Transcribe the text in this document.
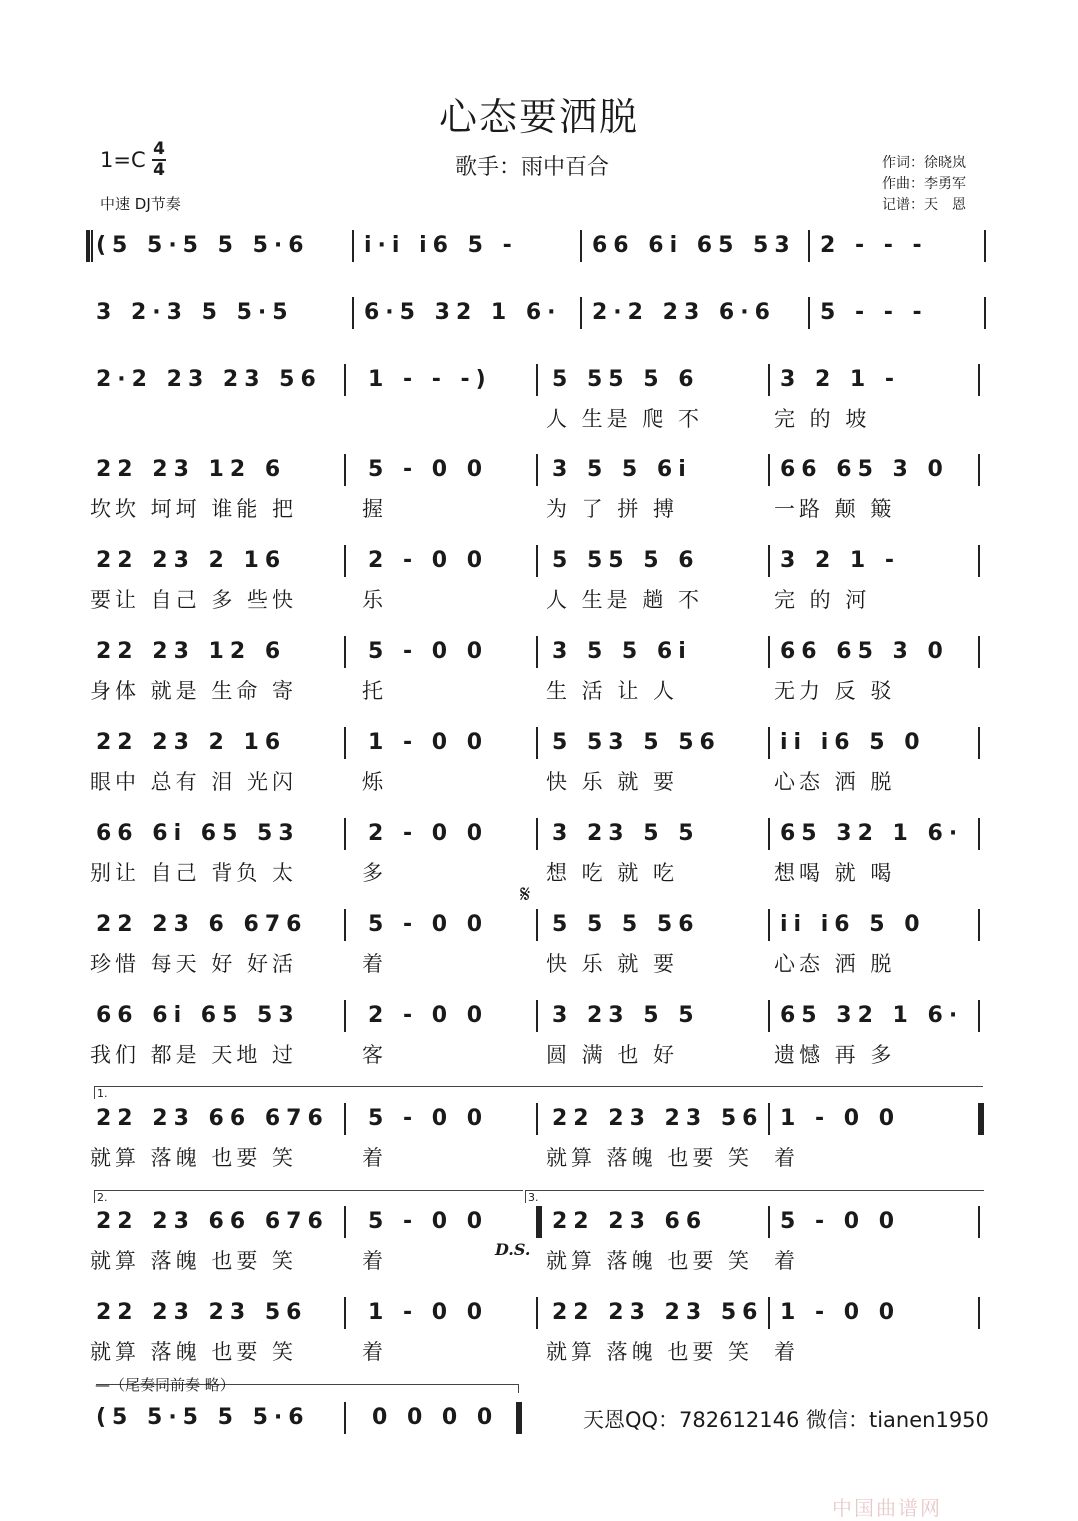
心态要洒脱
1=C 4
4
中速 DJ节奏
歌手：雨中百合	作词：徐晓岚
作曲：李勇军
记谱：天　恩
1.
2.	3.
𝄋
D.S.
—（尾奏同前奏 略）
天恩QQ：782612146 微信：tianen1950
中国曲谱网
(5 5·5 5 5·6	i·i i6 5 -	66 6i 65 53	2 - - -
3 2·3 5 5·5	6·5 32 1 6·	2·2 23 6·6	5 - - -
2·2 23 23 56	1 - - -)	5 55 5 6	3 2 1 -
人 生是 爬 不	完 的 坡
22 23 12 6	5 - 0 0	3 5 5 6i	66 65 3 0
坎坎 坷坷 谁能 把	握	为 了 拼 搏	一路 颠 簸
22 23 2 16	2 - 0 0	5 55 5 6	3 2 1 -
要让 自己 多 些快	乐	人 生是 趟 不	完 的 河
22 23 12 6	5 - 0 0	3 5 5 6i	66 65 3 0
身体 就是 生命 寄	托	生 活 让 人	无力 反 驳
22 23 2 16	1 - 0 0	5 53 5 56	ii i6 5 0
眼中 总有 泪 光闪	烁	快 乐 就 要	心态 洒 脱
66 6i 65 53	2 - 0 0	3 23 5 5	65 32 1 6·
别让 自己 背负 太	多	想 吃 就 吃	想喝 就 喝
22 23 6 676	5 - 0 0	5 5 5 56	ii i6 5 0
珍惜 每天 好 好活	着	快 乐 就 要	心态 洒 脱
66 6i 65 53	2 - 0 0	3 23 5 5	65 32 1 6·
我们 都是 天地 过	客	圆 满 也 好	遗憾 再 多
22 23 66 676	5 - 0 0	22 23 23 56 1 - 0 0
就算 落魄 也要 笑	着	就算 落魄 也要 笑 着
22 23 66 676	5 - 0 0	22 23 66	5 - 0 0
就算 落魄 也要 笑	着	就算 落魄 也要 笑 着
22 23 23 56	1 - 0 0	22 23 23 56 1 - 0 0
就算 落魄 也要 笑	着	就算 落魄 也要 笑 着
(5 5·5 5 5·6	0 0 0 0
